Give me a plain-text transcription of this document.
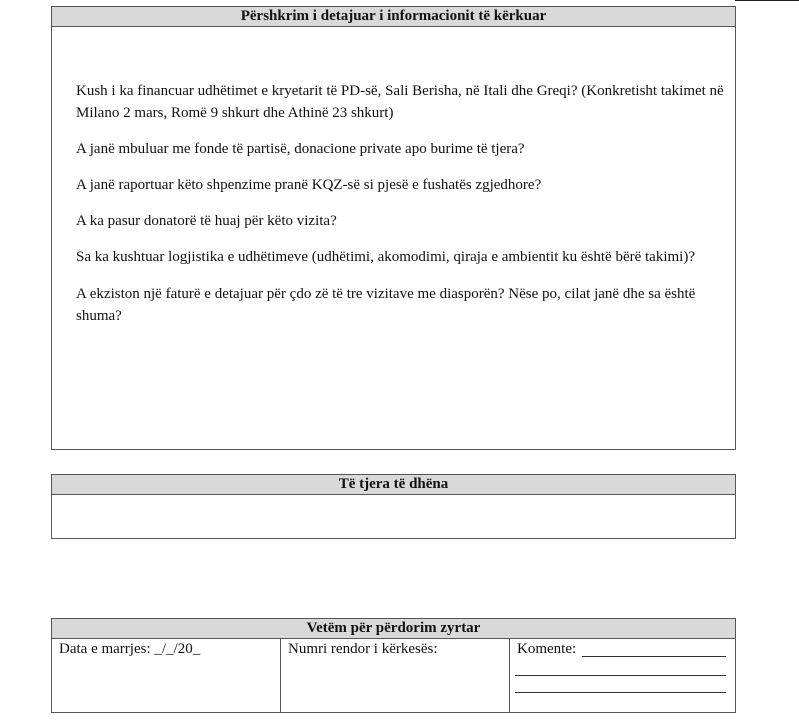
Përshkrim i detajuar i informacionit të kërkuar

Kush i ka financuar udhëtimet e kryetarit të PD-së, Sali Berisha, në Itali dhe Greqi? (Konkretisht takimet në Milano 2 mars, Romë 9 shkurt dhe Athinë 23 shkurt)

A janë mbuluar me fonde të partisë, donacione private apo burime të tjera?

A janë raportuar këto shpenzime pranë KQZ-së si pjesë e fushatës zgjedhore?

A ka pasur donatorë të huaj për këto vizita?

Sa ka kushtuar logjistika e udhëtimeve (udhëtimi, akomodimi, qiraja e ambientit ku është bërë takimi)?

A ekziston një faturë e detajuar për çdo zë të tre vizitave me diasporën? Nëse po, cilat janë dhe sa është shuma?

Të tjera të dhëna
Vetëm për përdorim zyrtar
Data e marrjes: _/_/20_	Numri rendor i kërkesës:	Komente:
